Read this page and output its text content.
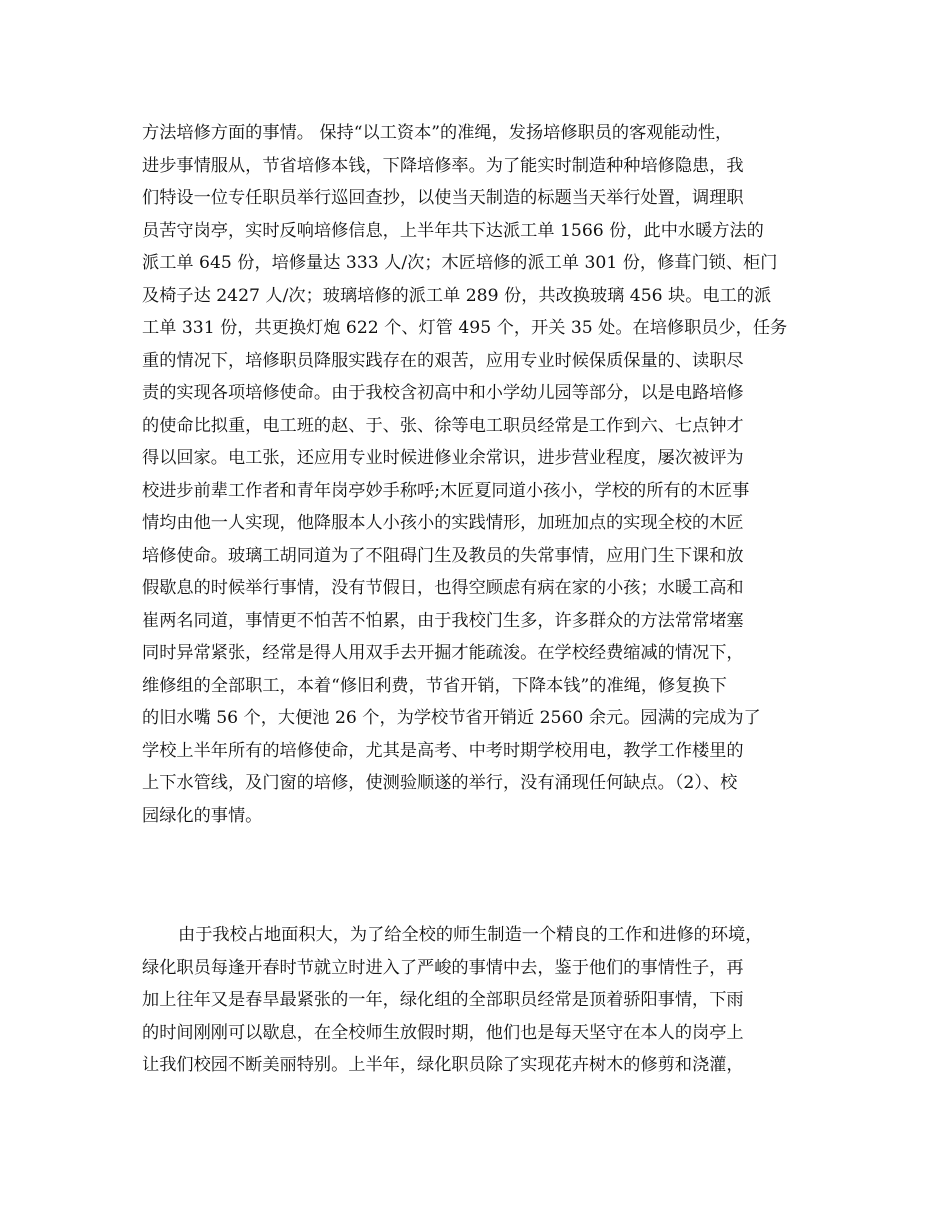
方法培修方面的事情。 保持“以工资本”的准绳，发扬培修职员的客观能动性，
进步事情服从，节省培修本钱，下降培修率。为了能实时制造种种培修隐患，我
们特设一位专任职员举行巡回查抄，以使当天制造的标题当天举行处置，调理职
员苦守岗亭，实时反响培修信息，上半年共下达派工单 1566 份，此中水暖方法的
派工单 645 份，培修量达 333 人/次；木匠培修的派工单 301 份，修葺门锁、柜门
及椅子达 2427 人/次；玻璃培修的派工单 289 份，共改换玻璃 456 块。电工的派
工单 331 份，共更换灯炮 622 个、灯管 495 个，开关 35 处。在培修职员少，任务
重的情况下，培修职员降服实践存在的艰苦，应用专业时候保质保量的、读职尽
责的实现各项培修使命。由于我校含初高中和小学幼儿园等部分，以是电路培修
的使命比拟重，电工班的赵、于、张、徐等电工职员经常是工作到六、七点钟才
得以回家。电工张，还应用专业时候进修业余常识，进步营业程度，屡次被评为
校进步前辈工作者和青年岗亭妙手称呼;木匠夏同道小孩小，学校的所有的木匠事
情均由他一人实现，他降服本人小孩小的实践情形，加班加点的实现全校的木匠
培修使命。玻璃工胡同道为了不阻碍门生及教员的失常事情，应用门生下课和放
假歇息的时候举行事情，没有节假日，也得空顾虑有病在家的小孩；水暖工高和
崔两名同道，事情更不怕苦不怕累，由于我校门生多，许多群众的方法常常堵塞
同时异常紧张，经常是得人用双手去开掘才能疏浚。在学校经费缩减的情况下，
维修组的全部职工，本着“修旧利费，节省开销，下降本钱”的准绳，修复换下
的旧水嘴 56 个，大便池 26 个，为学校节省开销近 2560 余元。园满的完成为了
学校上半年所有的培修使命，尤其是高考、中考时期学校用电，教学工作楼里的
上下水管线，及门窗的培修，使测验顺遂的举行，没有涌现任何缺点。（2）、校
园绿化的事情。
由于我校占地面积大，为了给全校的师生制造一个精良的工作和进修的环境，
绿化职员每逢开春时节就立时进入了严峻的事情中去，鉴于他们的事情性子，再
加上往年又是春旱最紧张的一年，绿化组的全部职员经常是顶着骄阳事情，下雨
的时间刚刚可以歇息，在全校师生放假时期，他们也是每天坚守在本人的岗亭上
让我们校园不断美丽特别。上半年，绿化职员除了实现花卉树木的修剪和浇灌，
